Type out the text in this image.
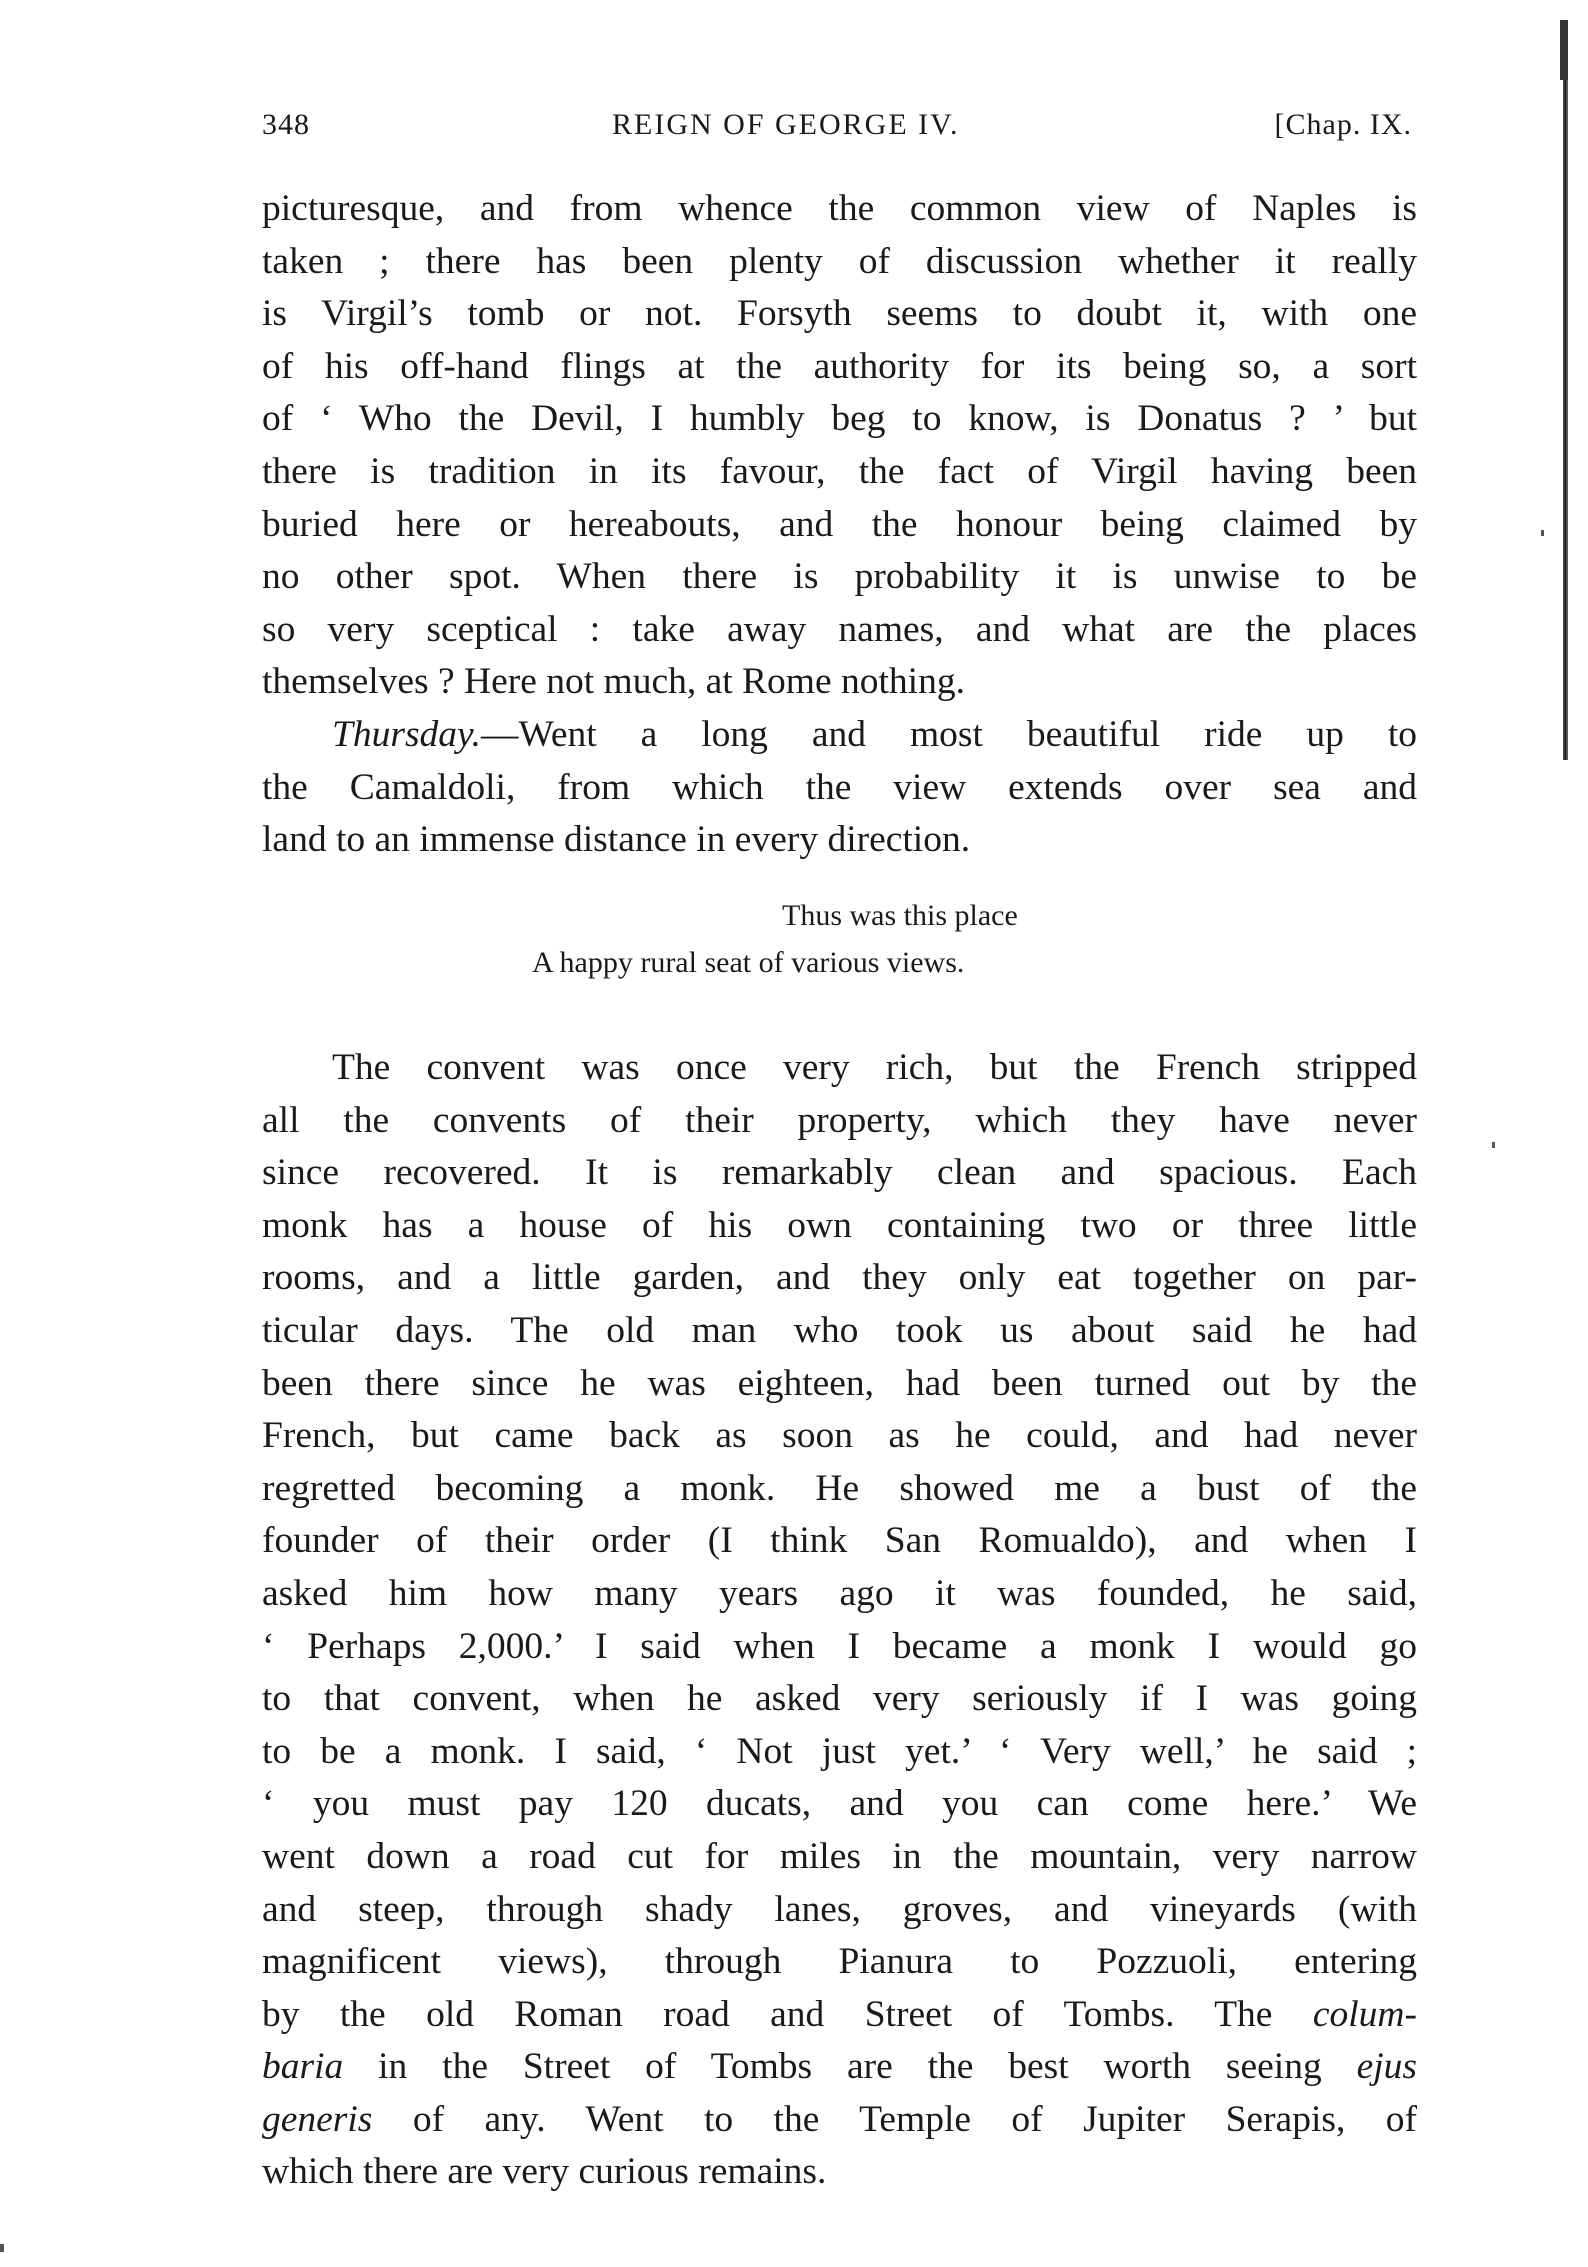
348	REIGN OF GEORGE IV.	[Chap. IX.
picturesque, and from whence the common view of Naples is
taken ; there has been plenty of discussion whether it really
is Virgil’s tomb or not. Forsyth seems to doubt it, with one
of his off-hand flings at the authority for its being so, a sort
of ‘ Who the Devil, I humbly beg to know, is Donatus ? ’ but
there is tradition in its favour, the fact of Virgil having been
buried here or hereabouts, and the honour being claimed by
no other spot. When there is probability it is unwise to be
so very sceptical : take away names, and what are the places
themselves ? Here not much, at Rome nothing.
Thursday.—Went a long and most beautiful ride up to
the Camaldoli, from which the view extends over sea and
land to an immense distance in every direction.
Thus was this place
A happy rural seat of various views.
The convent was once very rich, but the French stripped
all the convents of their property, which they have never
since recovered. It is remarkably clean and spacious. Each
monk has a house of his own containing two or three little
rooms, and a little garden, and they only eat together on par-
ticular days. The old man who took us about said he had
been there since he was eighteen, had been turned out by the
French, but came back as soon as he could, and had never
regretted becoming a monk. He showed me a bust of the
founder of their order (I think San Romualdo), and when I
asked him how many years ago it was founded, he said,
‘ Perhaps 2,000.’ I said when I became a monk I would go
to that convent, when he asked very seriously if I was going
to be a monk. I said, ‘ Not just yet.’ ‘ Very well,’ he said ;
‘ you must pay 120 ducats, and you can come here.’ We
went down a road cut for miles in the mountain, very narrow
and steep, through shady lanes, groves, and vineyards (with
magnificent views), through Pianura to Pozzuoli, entering
by the old Roman road and Street of Tombs. The colum-
baria in the Street of Tombs are the best worth seeing ejus
generis of any. Went to the Temple of Jupiter Serapis, of
which there are very curious remains.
